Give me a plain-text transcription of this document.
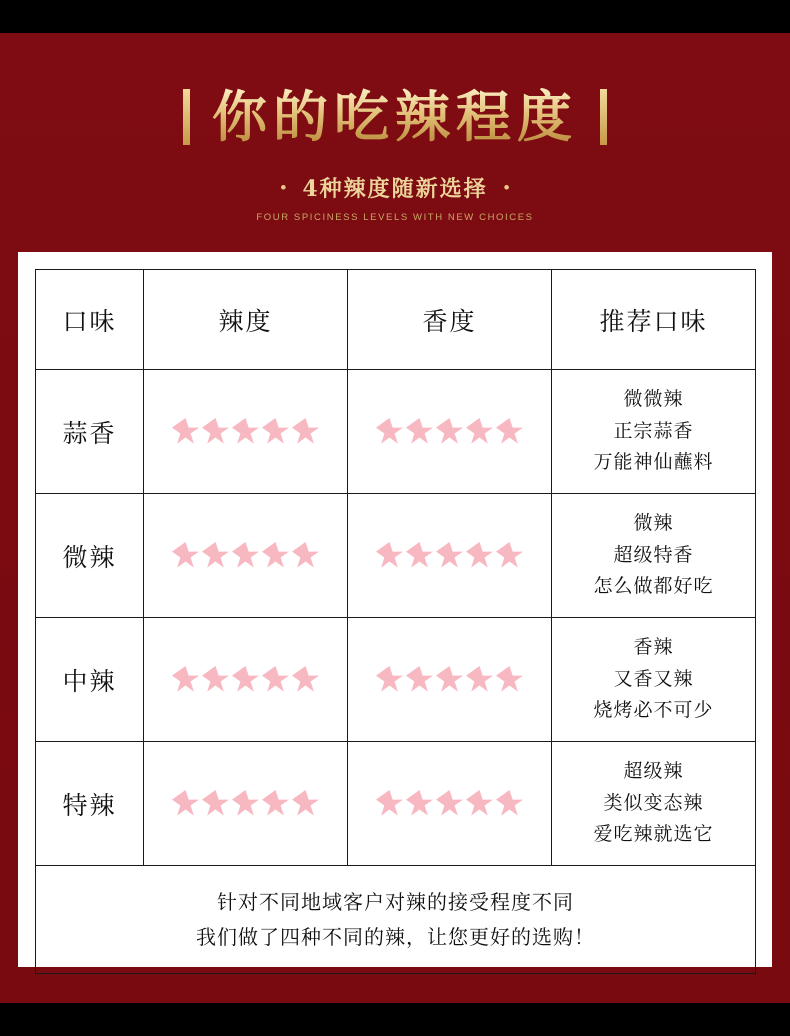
你的吃辣程度
• 4种辣度随新选择 •
FOUR SPICINESS LEVELS WITH NEW CHOICES
口味	辣度	香度	推荐口味
蒜香			微微辣
正宗蒜香
万能神仙蘸料

微辣			微辣
超级特香
怎么做都好吃

中辣			香辣
又香又辣
烧烤必不可少

特辣			超级辣
类似变态辣
爱吃辣就选它

针对不同地域客户对辣的接受程度不同
我们做了四种不同的辣，让您更好的选购！			
